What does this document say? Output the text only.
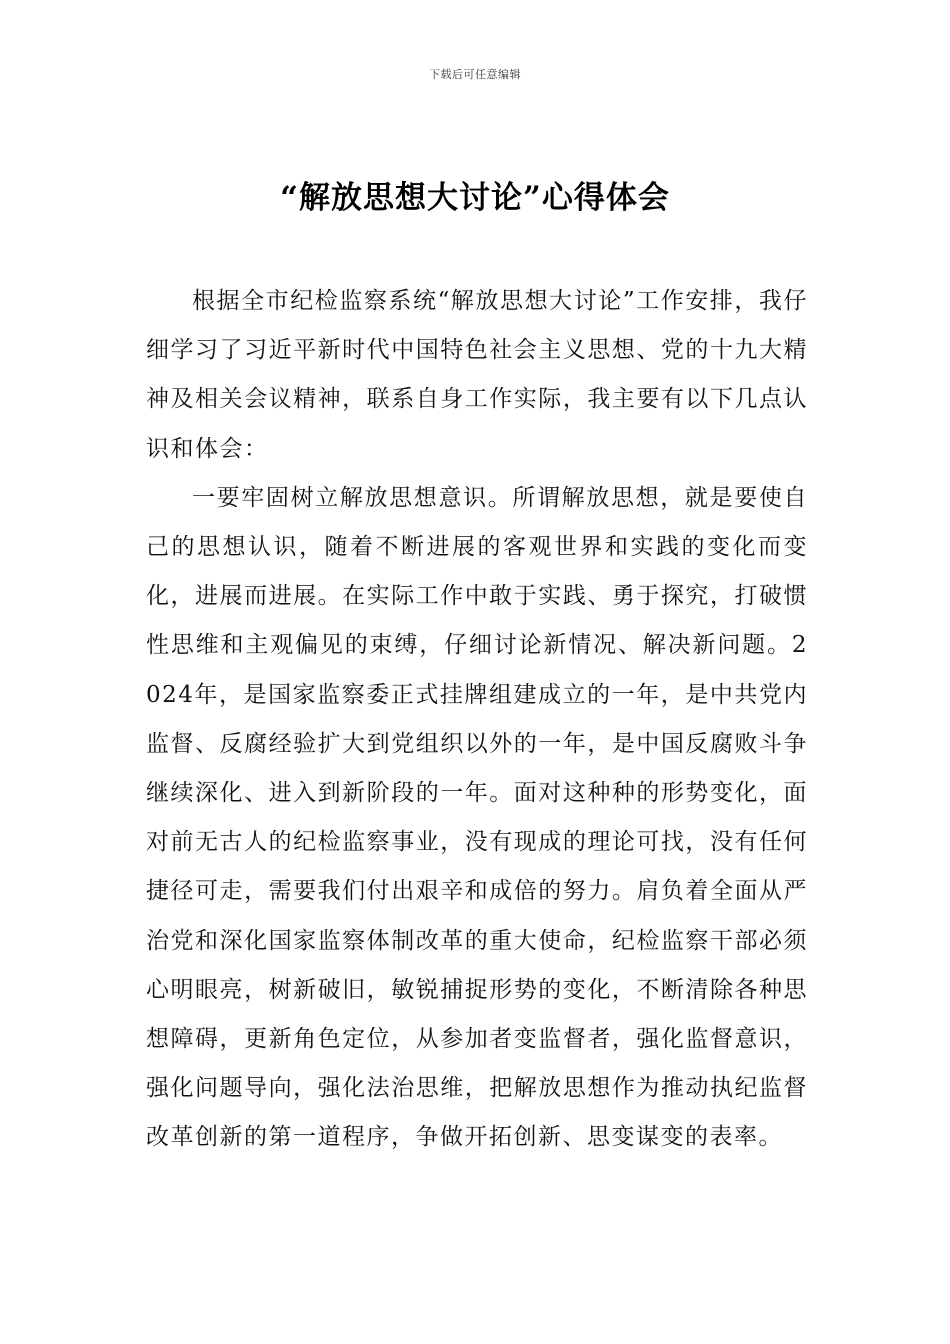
下载后可任意编辑
“解放思想大讨论”心得体会

根据全市纪检监察系统“解放思想大讨论”工作安排，我仔细学习了习近平新时代中国特色社会主义思想、党的十九大精神及相关会议精神，联系自身工作实际，我主要有以下几点认识和体会：

一要牢固树立解放思想意识。所谓解放思想，就是要使自己的思想认识，随着不断进展的客观世界和实践的变化而变化，进展而进展。在实际工作中敢于实践、勇于探究，打破惯性思维和主观偏见的束缚，仔细讨论新情况、解决新问题。2024年，是国家监察委正式挂牌组建成立的一年，是中共党内监督、反腐经验扩大到党组织以外的一年，是中国反腐败斗争继续深化、进入到新阶段的一年。面对这种种的形势变化，面对前无古人的纪检监察事业，没有现成的理论可找，没有任何捷径可走，需要我们付出艰辛和成倍的努力。肩负着全面从严治党和深化国家监察体制改革的重大使命，纪检监察干部必须心明眼亮，树新破旧，敏锐捕捉形势的变化，不断清除各种思想障碍，更新角色定位，从参加者变监督者，强化监督意识，强化问题导向，强化法治思维，把解放思想作为推动执纪监督改革创新的第一道程序，争做开拓创新、思变谋变的表率。
